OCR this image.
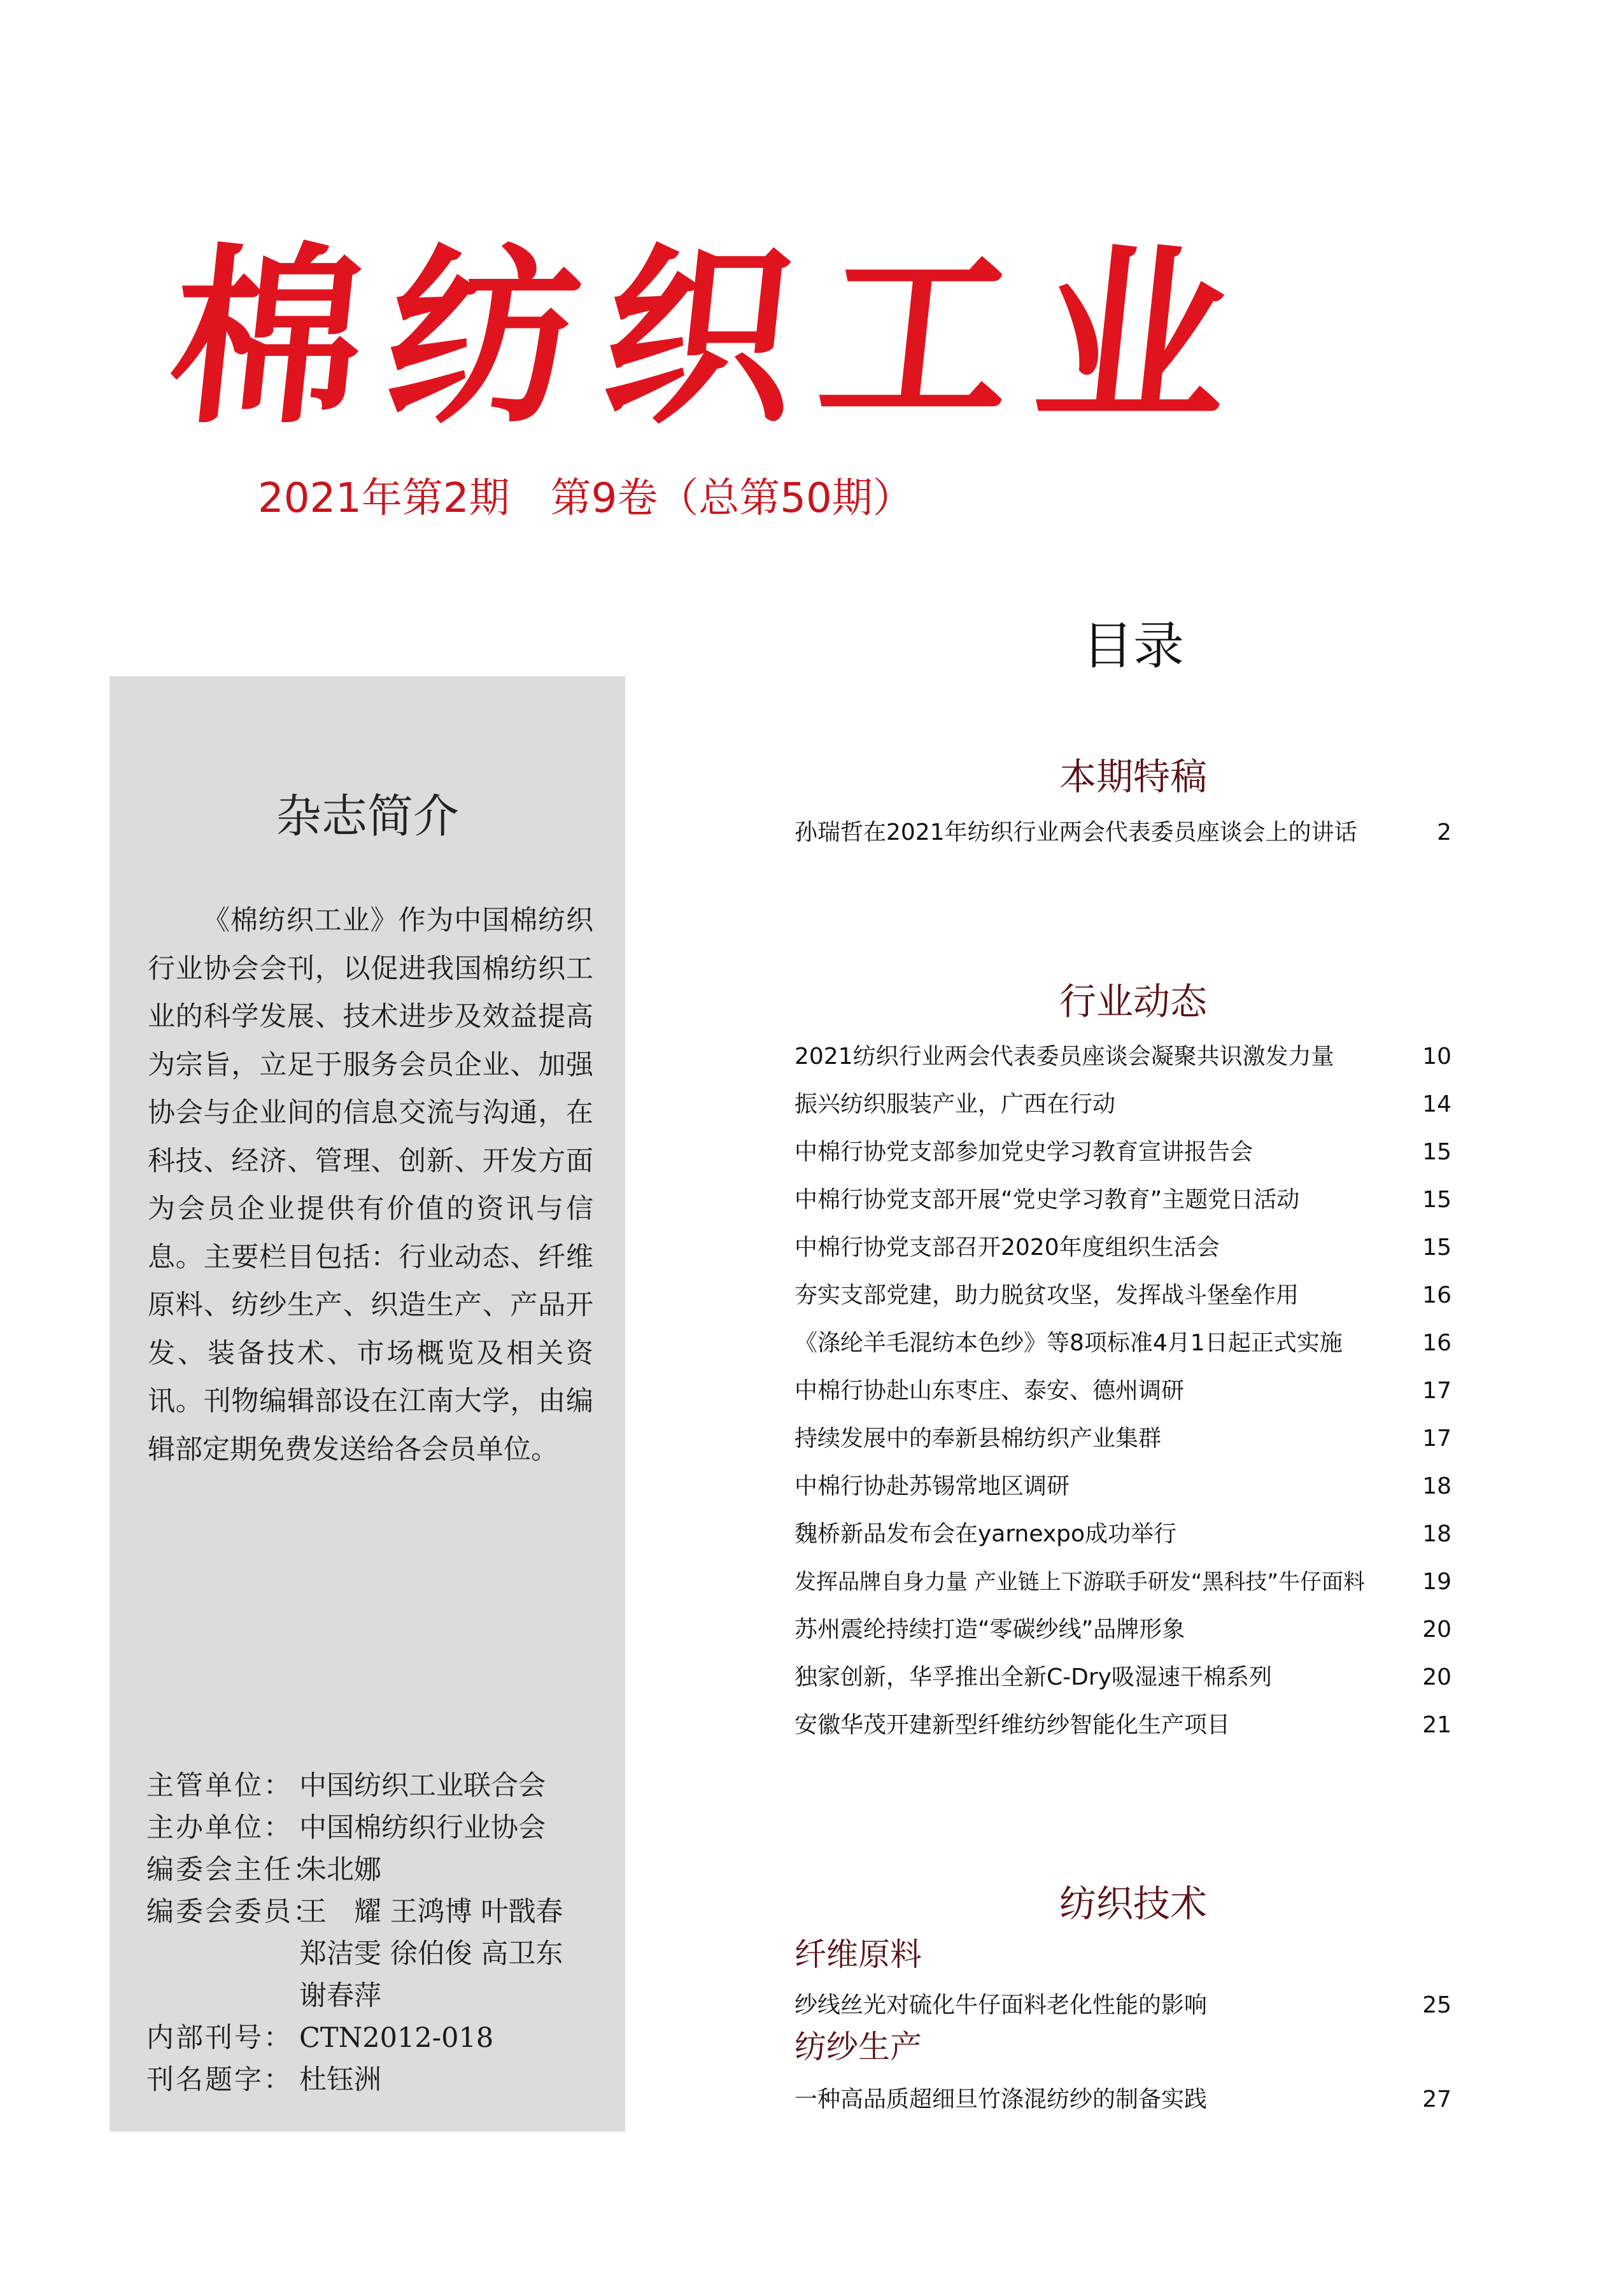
棉纺织工业
2021年第2期　第9卷（总第50期）
目录
杂志简介
《棉纺织工业》作为中国棉纺织行业协会会刊，以促进我国棉纺织工业的科学发展、技术进步及效益提高为宗旨，立足于服务会员企业、加强协会与企业间的信息交流与沟通，在科技、经济、管理、创新、开发方面为会员企业提供有价值的资讯与信息。主要栏目包括：行业动态、纤维原料、纺纱生产、织造生产、产品开发、装备技术、市场概览及相关资讯。刊物编辑部设在江南大学，由编辑部定期免费发送给各会员单位。
主管单位： 中国纺织工业联合会
主办单位： 中国棉纺织行业协会
编委会主任：朱北娜
编委会委员：王　耀 王鸿博 叶戬春 郑洁雯 徐伯俊 高卫东 谢春萍
内部刊号： CTN2012-018
刊名题字： 杜钰洲
本期特稿
孙瑞哲在2021年纺织行业两会代表委员座谈会上的讲话	2
行业动态
2021纺织行业两会代表委员座谈会凝聚共识激发力量	10
振兴纺织服装产业，广西在行动	14
中棉行协党支部参加党史学习教育宣讲报告会	15
中棉行协党支部开展“党史学习教育”主题党日活动	15
中棉行协党支部召开2020年度组织生活会	15
夯实支部党建，助力脱贫攻坚，发挥战斗堡垒作用	16
《涤纶羊毛混纺本色纱》等8项标准4月1日起正式实施	16
中棉行协赴山东枣庄、泰安、德州调研	17
持续发展中的奉新县棉纺织产业集群	17
中棉行协赴苏锡常地区调研	18
魏桥新品发布会在yarnexpo成功举行	18
发挥品牌自身力量 产业链上下游联手研发“黑科技”牛仔面料	19
苏州震纶持续打造“零碳纱线”品牌形象	20
独家创新，华孚推出全新C-Dry吸湿速干棉系列	20
安徽华茂开建新型纤维纺纱智能化生产项目	21
纺织技术
纤维原料
纱线丝光对硫化牛仔面料老化性能的影响	25
纺纱生产
一种高品质超细旦竹涤混纺纱的制备实践	27
